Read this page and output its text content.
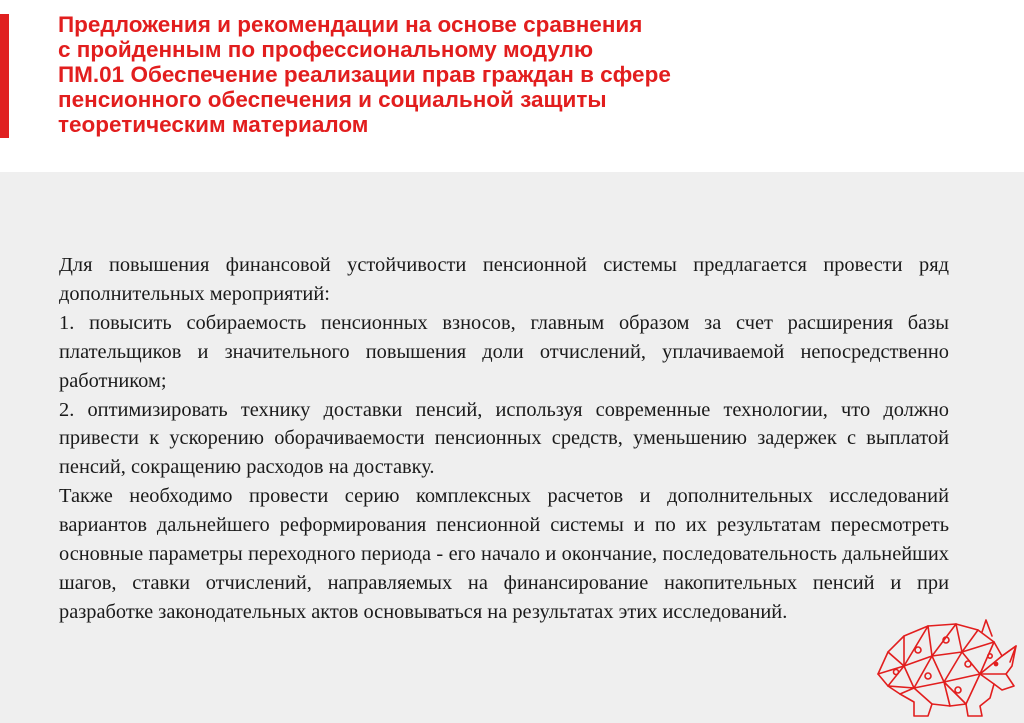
Предложения и рекомендации на основе сравнения
с пройденным по профессиональному модулю
ПМ.01 Обеспечение реализации прав граждан в сфере
пенсионного обеспечения и социальной защиты
теоретическим материалом
Для повышения финансовой устойчивости пенсионной системы предлагается провести ряд дополнительных мероприятий:
1. повысить собираемость пенсионных взносов, главным образом за счет расширения базы плательщиков и значительного повышения доли отчислений, уплачиваемой непосредственно работником;
2. оптимизировать технику доставки пенсий, используя современные технологии, что должно привести к ускорению оборачиваемости пенсионных средств, уменьшению задержек с выплатой пенсий, сокращению расходов на доставку.
Также необходимо провести серию комплексных расчетов и дополнительных исследований вариантов дальнейшего реформирования пенсионной системы и по их результатам пересмотреть основные параметры переходного периода - его начало и окончание, последовательность дальнейших шагов, ставки отчислений, направляемых на финансирование накопительных пенсий и при разработке законодательных актов основываться на результатах этих исследований.
